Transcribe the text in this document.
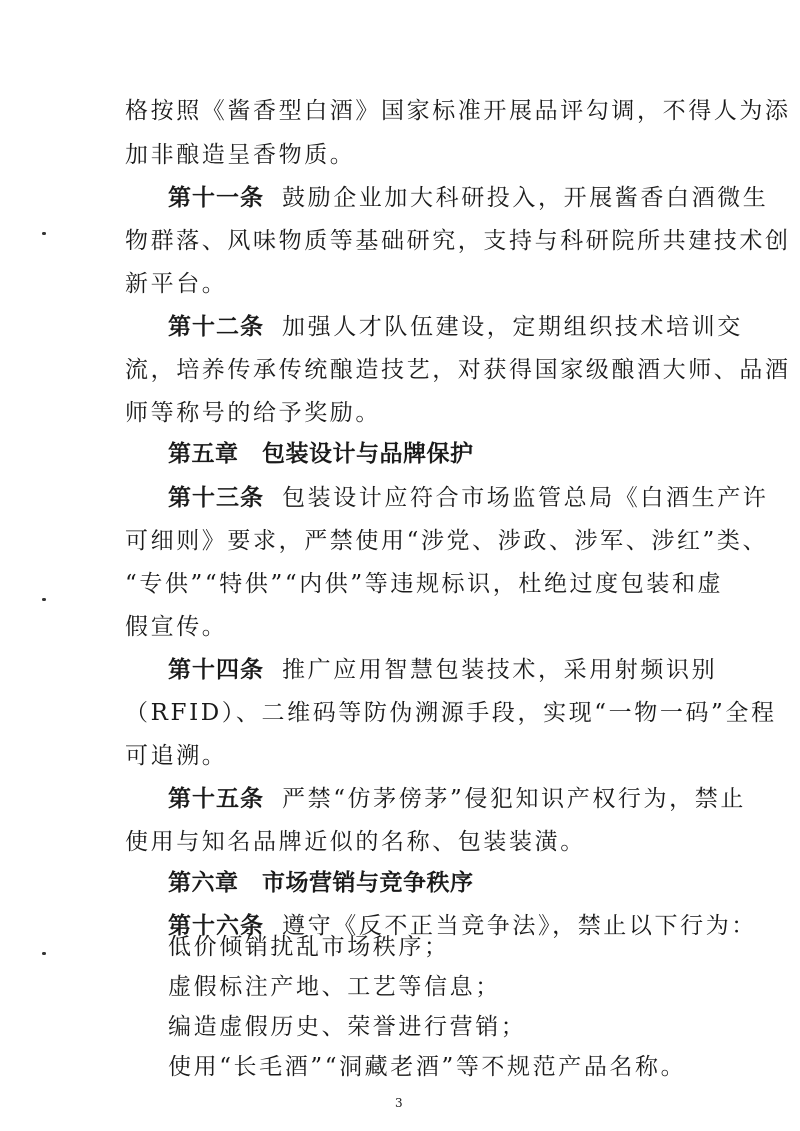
格按照《酱香型白酒》国家标准开展品评勾调，不得人为添
加非酿造呈香物质。
第十一条 鼓励企业加大科研投入，开展酱香白酒微生
物群落、风味物质等基础研究，支持与科研院所共建技术创
新平台。
第十二条 加强人才队伍建设，定期组织技术培训交
流，培养传承传统酿造技艺，对获得国家级酿酒大师、品酒
师等称号的给予奖励。
第五章　包装设计与品牌保护
第十三条 包装设计应符合市场监管总局《白酒生产许
可细则》要求，严禁使用“涉党、涉政、涉军、涉红”类、
“专供”“特供”“内供”等违规标识，杜绝过度包装和虚
假宣传。
第十四条 推广应用智慧包装技术，采用射频识别
（RFID）、二维码等防伪溯源手段，实现“一物一码”全程
可追溯。
第十五条 严禁“仿茅傍茅”侵犯知识产权行为，禁止
使用与知名品牌近似的名称、包装装潢。
第六章　市场营销与竞争秩序
第十六条 遵守《反不正当竞争法》，禁止以下行为：
低价倾销扰乱市场秩序；
虚假标注产地、工艺等信息；
3
编造虚假历史、荣誉进行营销；
使用“长毛酒”“洞藏老酒”等不规范产品名称。
